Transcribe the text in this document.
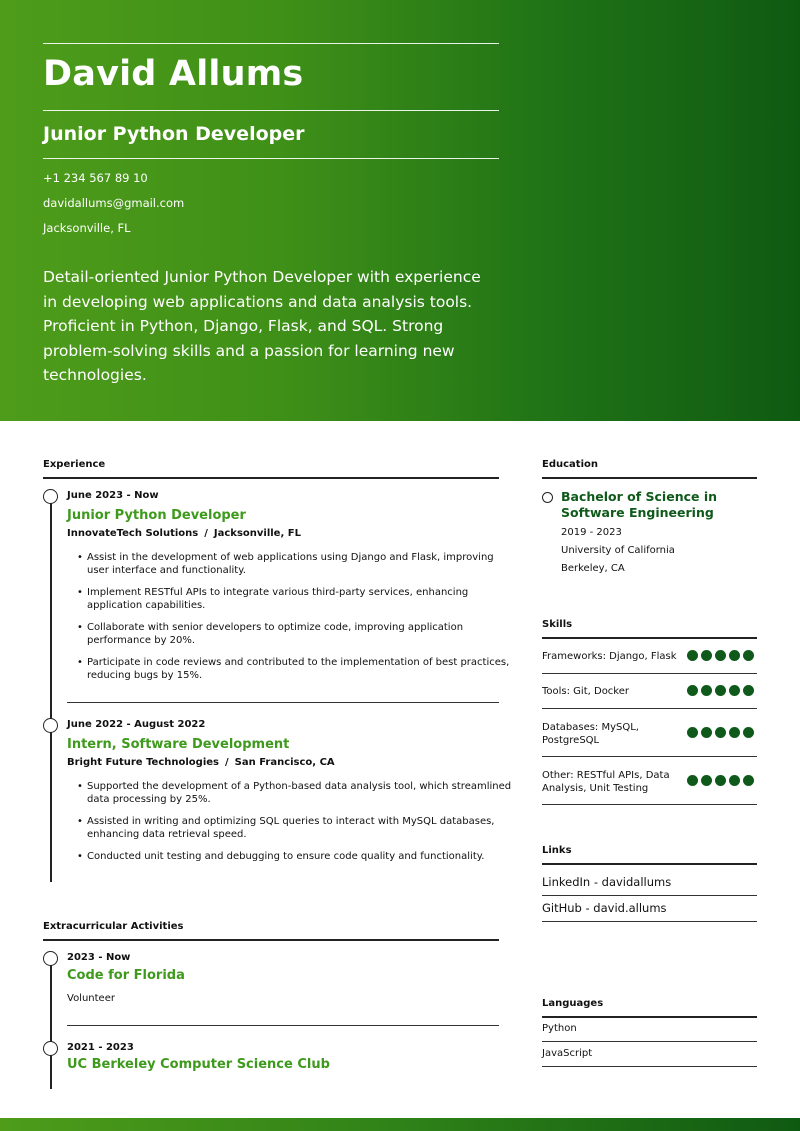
David Allums
Junior Python Developer
+1 234 567 89 10
davidallums@gmail.com
Jacksonville, FL
Detail-oriented Junior Python Developer with experience in developing web applications and data analysis tools. Proficient in Python, Django, Flask, and SQL. Strong problem-solving skills and a passion for learning new technologies.
Experience
June 2023 - Now
Junior Python Developer
InnovateTech Solutions / Jacksonville, FL
• Assist in the development of web applications using Django and Flask, improving user interface and functionality.
• Implement RESTful APIs to integrate various third-party services, enhancing application capabilities.
• Collaborate with senior developers to optimize code, improving application performance by 20%.
• Participate in code reviews and contributed to the implementation of best practices, reducing bugs by 15%.
June 2022 - August 2022
Intern, Software Development
Bright Future Technologies / San Francisco, CA
• Supported the development of a Python-based data analysis tool, which streamlined data processing by 25%.
• Assisted in writing and optimizing SQL queries to interact with MySQL databases, enhancing data retrieval speed.
• Conducted unit testing and debugging to ensure code quality and functionality.
Extracurricular Activities
2023 - Now
Code for Florida
Volunteer
2021 - 2023
UC Berkeley Computer Science Club
Education
Bachelor of Science in Software Engineering
2019 - 2023
University of California
Berkeley, CA
Skills
Frameworks: Django, Flask
Tools: Git, Docker
Databases: MySQL, PostgreSQL
Other: RESTful APIs, Data Analysis, Unit Testing
Links
LinkedIn - davidallums
GitHub - david.allums
Languages
Python
JavaScript
